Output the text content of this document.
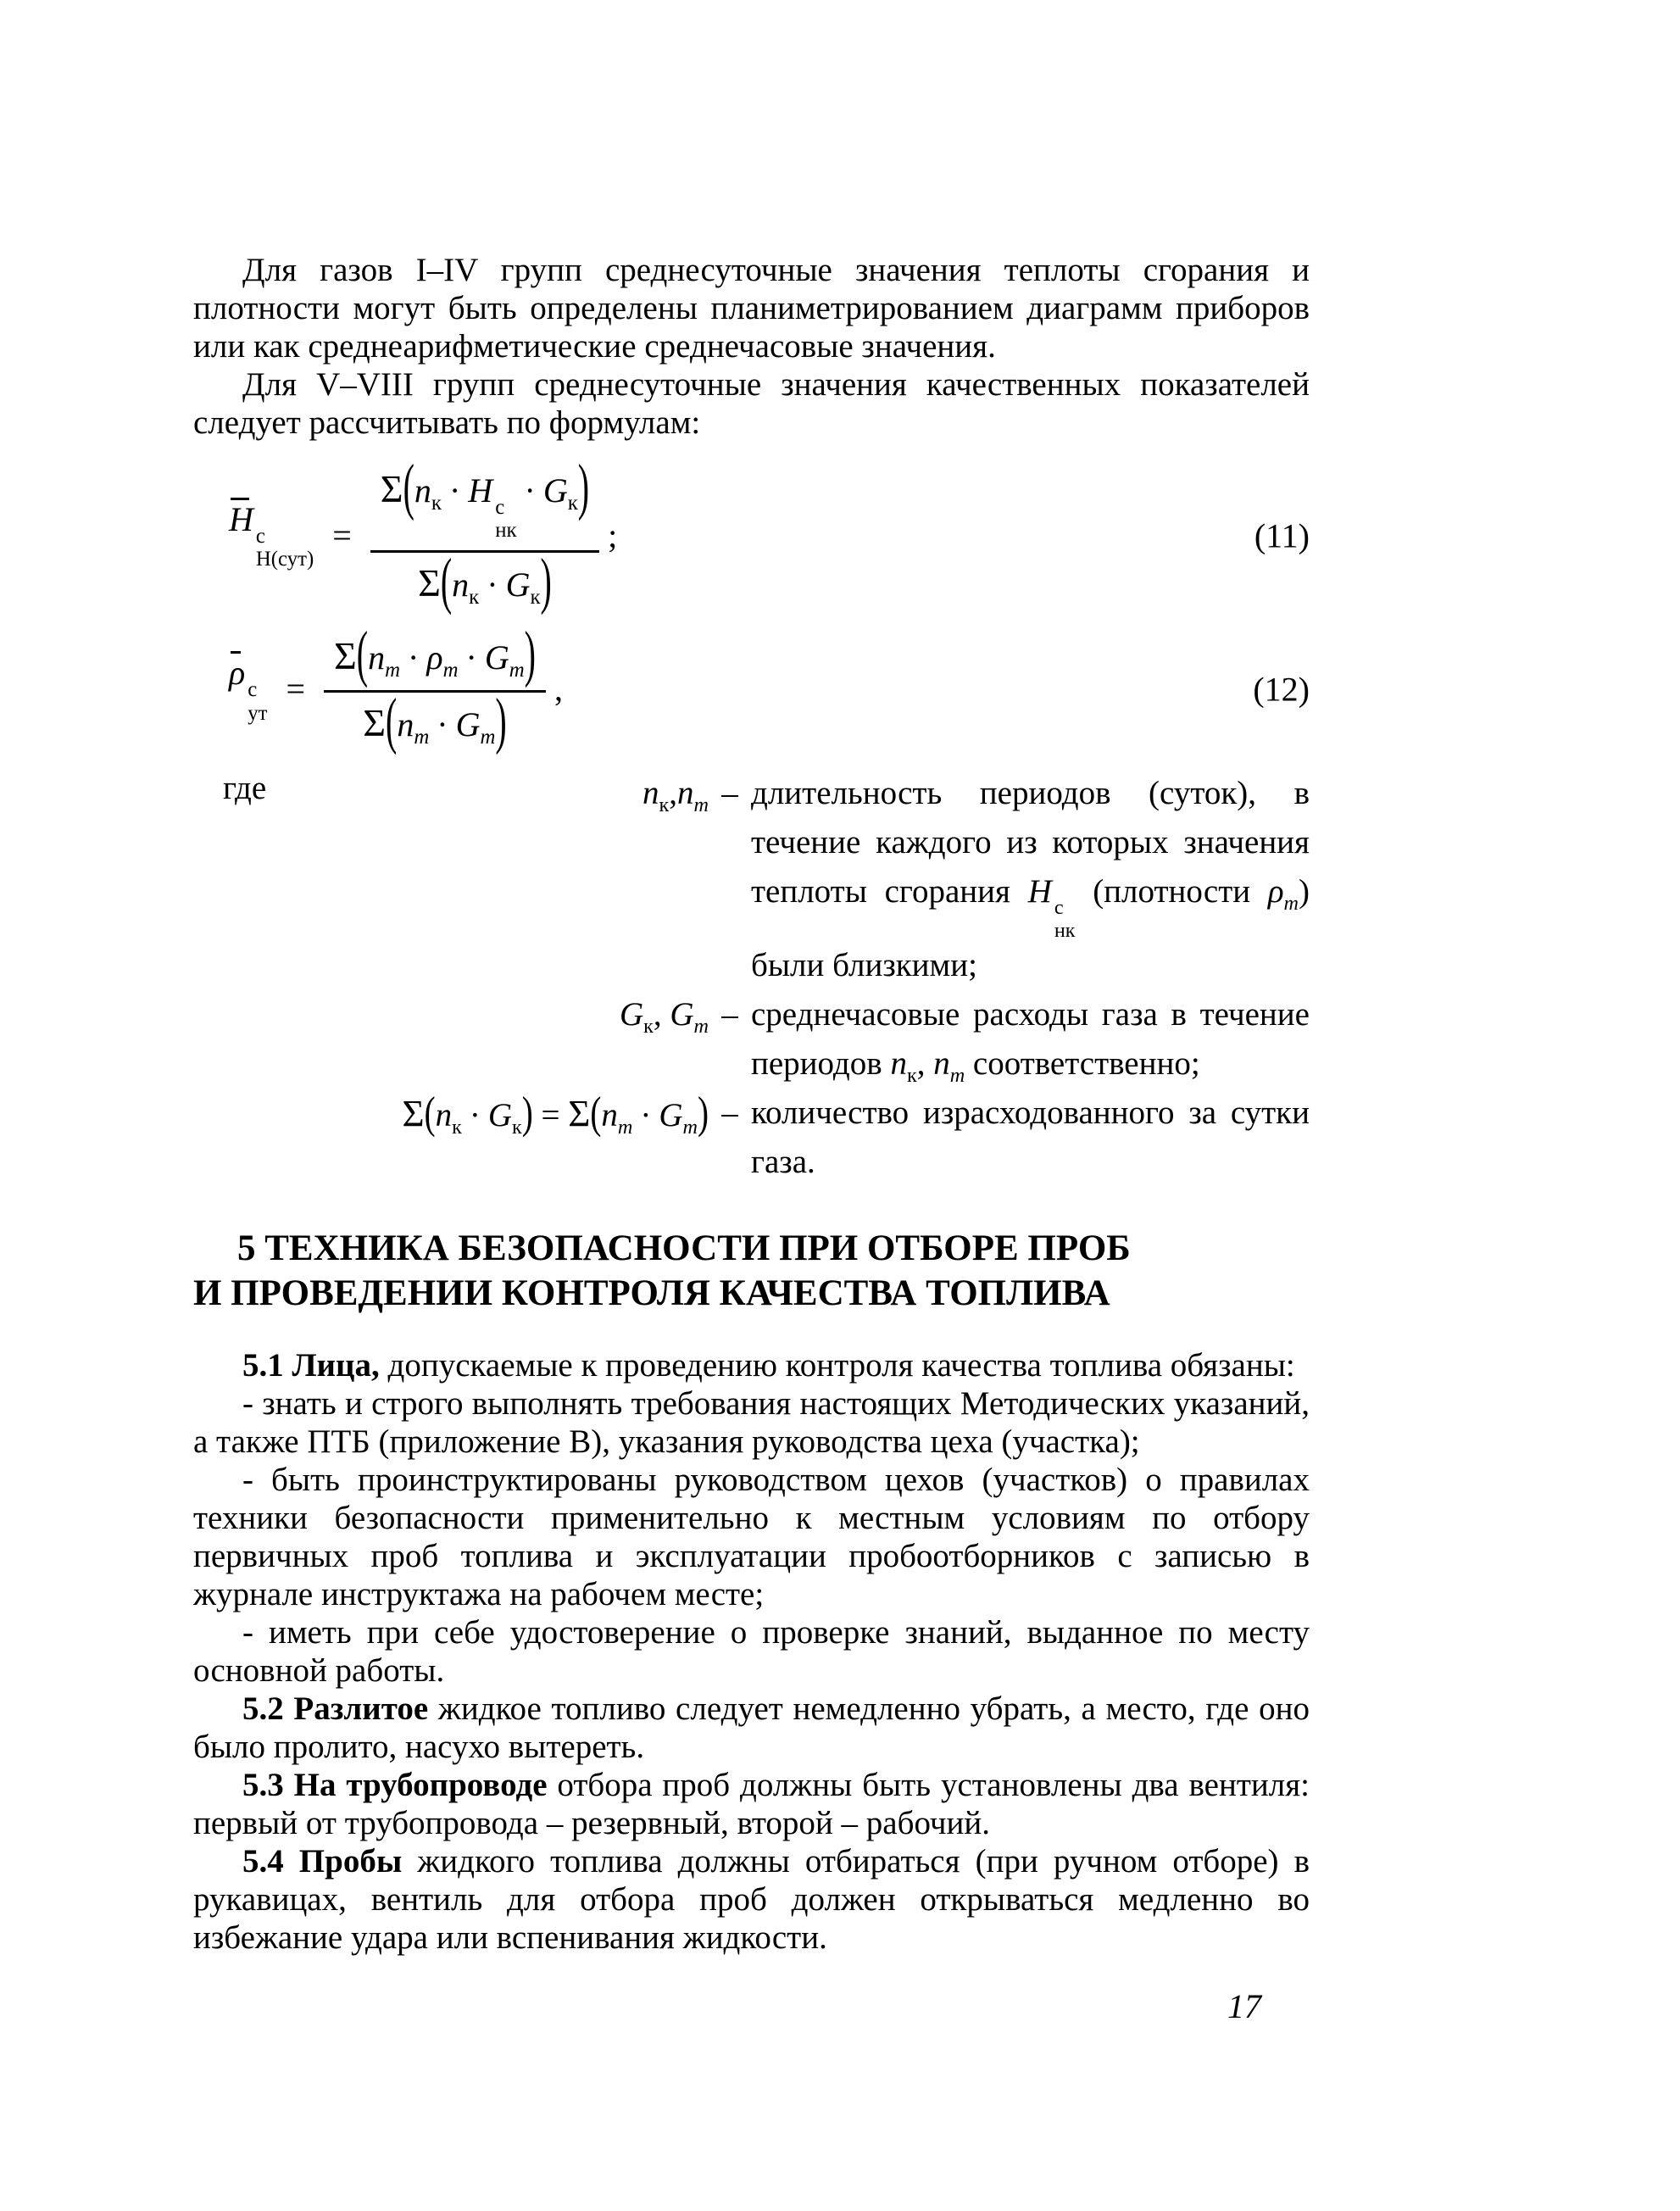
Для газов I–IV групп среднесуточные значения теплоты сгорания и плотности могут быть определены планиметрированием диаграмм приборов или как среднеарифметические среднечасовые значения.

Для V–VIII групп среднесуточные значения качественных показателей следует рассчитывать по формулам:

H с
Н(сут)
= $\Sigma(n_к \cdot H$ с
нк
· $G_к$)
$\Sigma(n_к \cdot G_к)$ ;	(11)
ρ с
ут
= $\frac{\Sigma(n_m \cdot \rho_m \cdot G_m)}{\Sigma(n_m \cdot G_m)}$ ,	(12)
где	$n_к,n_m$ – длительность периодов (суток), в течение каждого из которых значения теплоты сгорания H с
нк
(плотности $\rho_m$) были близкими;
$G_к$, $G_m$ – среднечасовые расходы газа в течение периодов $n_к$, $n_m$ соответственно;
$\Sigma(n_к \cdot G_к) = \Sigma(n_m \cdot G_m)$ – количество израсходованного за сутки газа.
5 ТЕХНИКА БЕЗОПАСНОСТИ ПРИ ОТБОРЕ ПРОБ
И ПРОВЕДЕНИИ КОНТРОЛЯ КАЧЕСТВА ТОПЛИВА

5.1 Лица, допускаемые к проведению контроля качества топлива обязаны:

- знать и строго выполнять требования настоящих Методических указаний, а также ПТБ (приложение В), указания руководства цеха (участка);

- быть проинструктированы руководством цехов (участков) о правилах техники безопасности применительно к местным условиям по отбору первичных проб топлива и эксплуатации пробоотборников с записью в журнале инструктажа на рабочем месте;

- иметь при себе удостоверение о проверке знаний, выданное по месту основной работы.

5.2 Разлитое жидкое топливо следует немедленно убрать, а место, где оно было пролито, насухо вытереть.

5.3 На трубопроводе отбора проб должны быть установлены два вентиля: первый от трубопровода – резервный, второй – рабочий.

5.4 Пробы жидкого топлива должны отбираться (при ручном отборе) в рукавицах, вентиль для отбора проб должен открываться медленно во избежание удара или вспенивания жидкости.

17
